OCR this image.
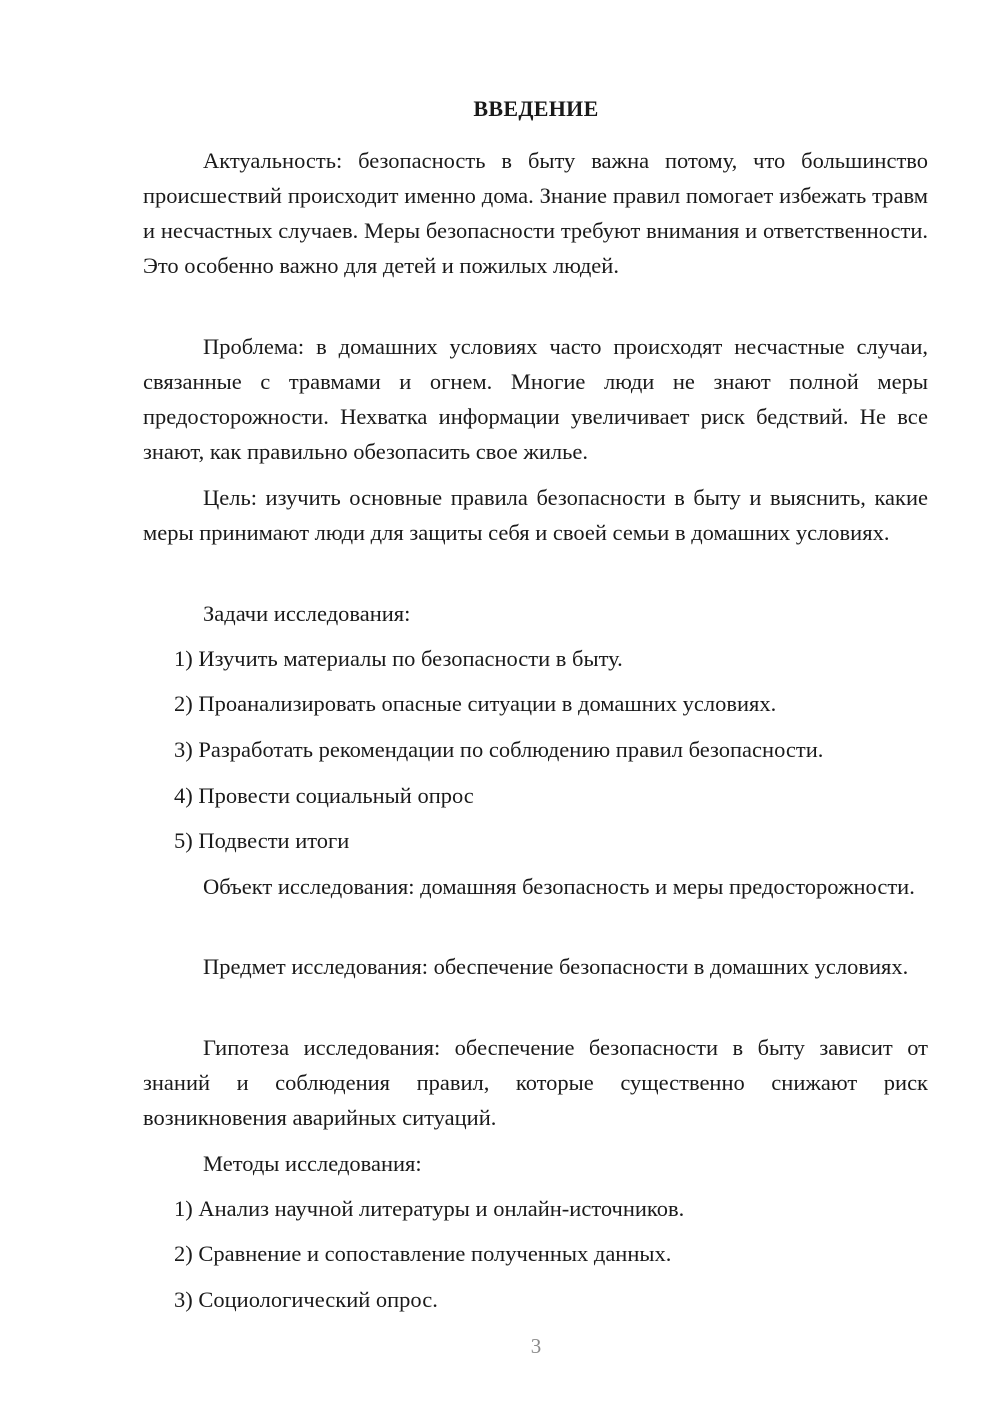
ВВЕДЕНИЕ

Актуальность: безопасность в быту важна потому, что большинство происшествий происходит именно дома. Знание правил помогает избежать травм и несчастных случаев. Меры безопасности требуют внимания и ответственности. Это особенно важно для детей и пожилых людей.

Проблема: в домашних условиях часто происходят несчастные случаи, связанные с травмами и огнем. Многие люди не знают полной меры предосторожности. Нехватка информации увеличивает риск бедствий. Не все знают, как правильно обезопасить свое жилье.

Цель: изучить основные правила безопасности в быту и выяснить, какие меры принимают люди для защиты себя и своей семьи в домашних условиях.

Задачи исследования:

1) Изучить материалы по безопасности в быту.

2) Проанализировать опасные ситуации в домашних условиях.

3) Разработать рекомендации по соблюдению правил безопасности.

4) Провести социальный опрос

5) Подвести итоги

Объект исследования: домашняя безопасность и меры предосторожности.

Предмет исследования: обеспечение безопасности в домашних условиях.

Гипотеза исследования: обеспечение безопасности в быту зависит от знаний и соблюдения правил, которые существенно снижают риск возникновения аварийных ситуаций.

Методы исследования:

1) Анализ научной литературы и онлайн-источников.

2) Сравнение и сопоставление полученных данных.

3) Социологический опрос.

3
